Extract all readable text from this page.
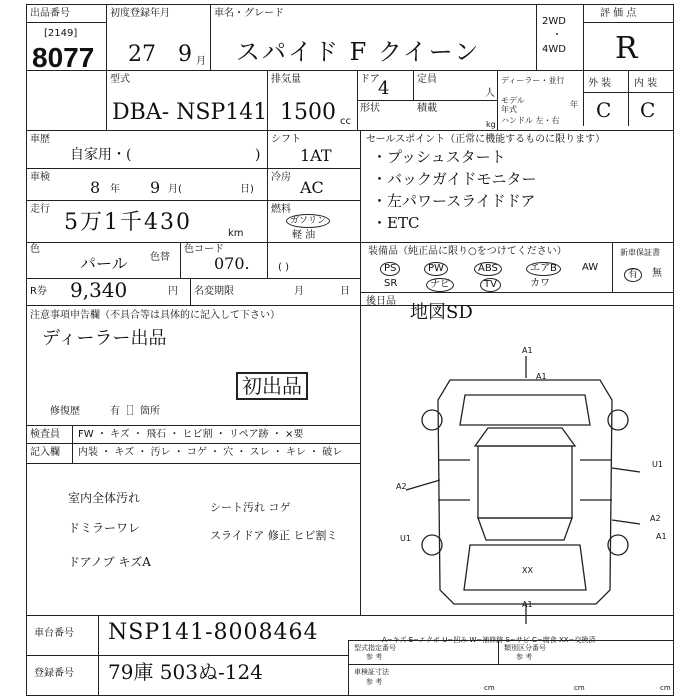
出品番号
[2149]
8077
初度登録年月
27 9 月
車名・グレード
スパイド F クイーン
2WD
・
4WD
評 価 点
R
型式
DBA- NSP141
排気量
1500 cc
ドア
4	定員
人
形状	積載
kg
ディーラー・並行
モデル 年式
年
ハンドル 左・右
外 装 内 装
C C
車歴
自家用・(	)
シフト
1AT
車検
8 年 9 月(	日)
冷房
AC
走行
5万1千430	km
燃料
ガソリン
軽 油
( )
色
パール 色替
色コード
070.
R券 9,340	円 名変期限	月	日
セールスポイント（正常に機能するものに限ります）
・プッシュスタート
・バックガイドモニター
・左パワースライドドア
・ETC
装備品（純正品に限り○をつけてください）	新車保証書
PS	PW	ABS	エアB	AW
SR	ナビ	TV	カワ
有	無
後日品
地図SD
注意事項申告欄（不具合等は具体的に記入して下さい）
ディーラー出品
初出品
修復歴	有［ ］箇所
検査員 FW ・ キズ ・ 飛石 ・ ヒビ割 ・ リペア跡 ・ ×要
記入欄 内装 ・ キズ ・ 汚レ ・ コゲ ・ 穴 ・ スレ ・ キレ ・ 破レ
室内全体汚れ
ドミラーワレ
ドアノブ キズA
シート汚れ コゲ
スライドア 修正 ヒビ割ミ
A1
A2
A1
U1
A2
U1
XX
A1
A1
A−キズ E−エクボ U−凹み W−補修跡 S−サビ C−腐食 XX−交換済
車台番号 NSP141-8008464
登録番号 79庫 503ぬ-124
型式指定番号
参 考
類別区分番号
参 考
車検証寸法
参 考
cm	cm	cm
